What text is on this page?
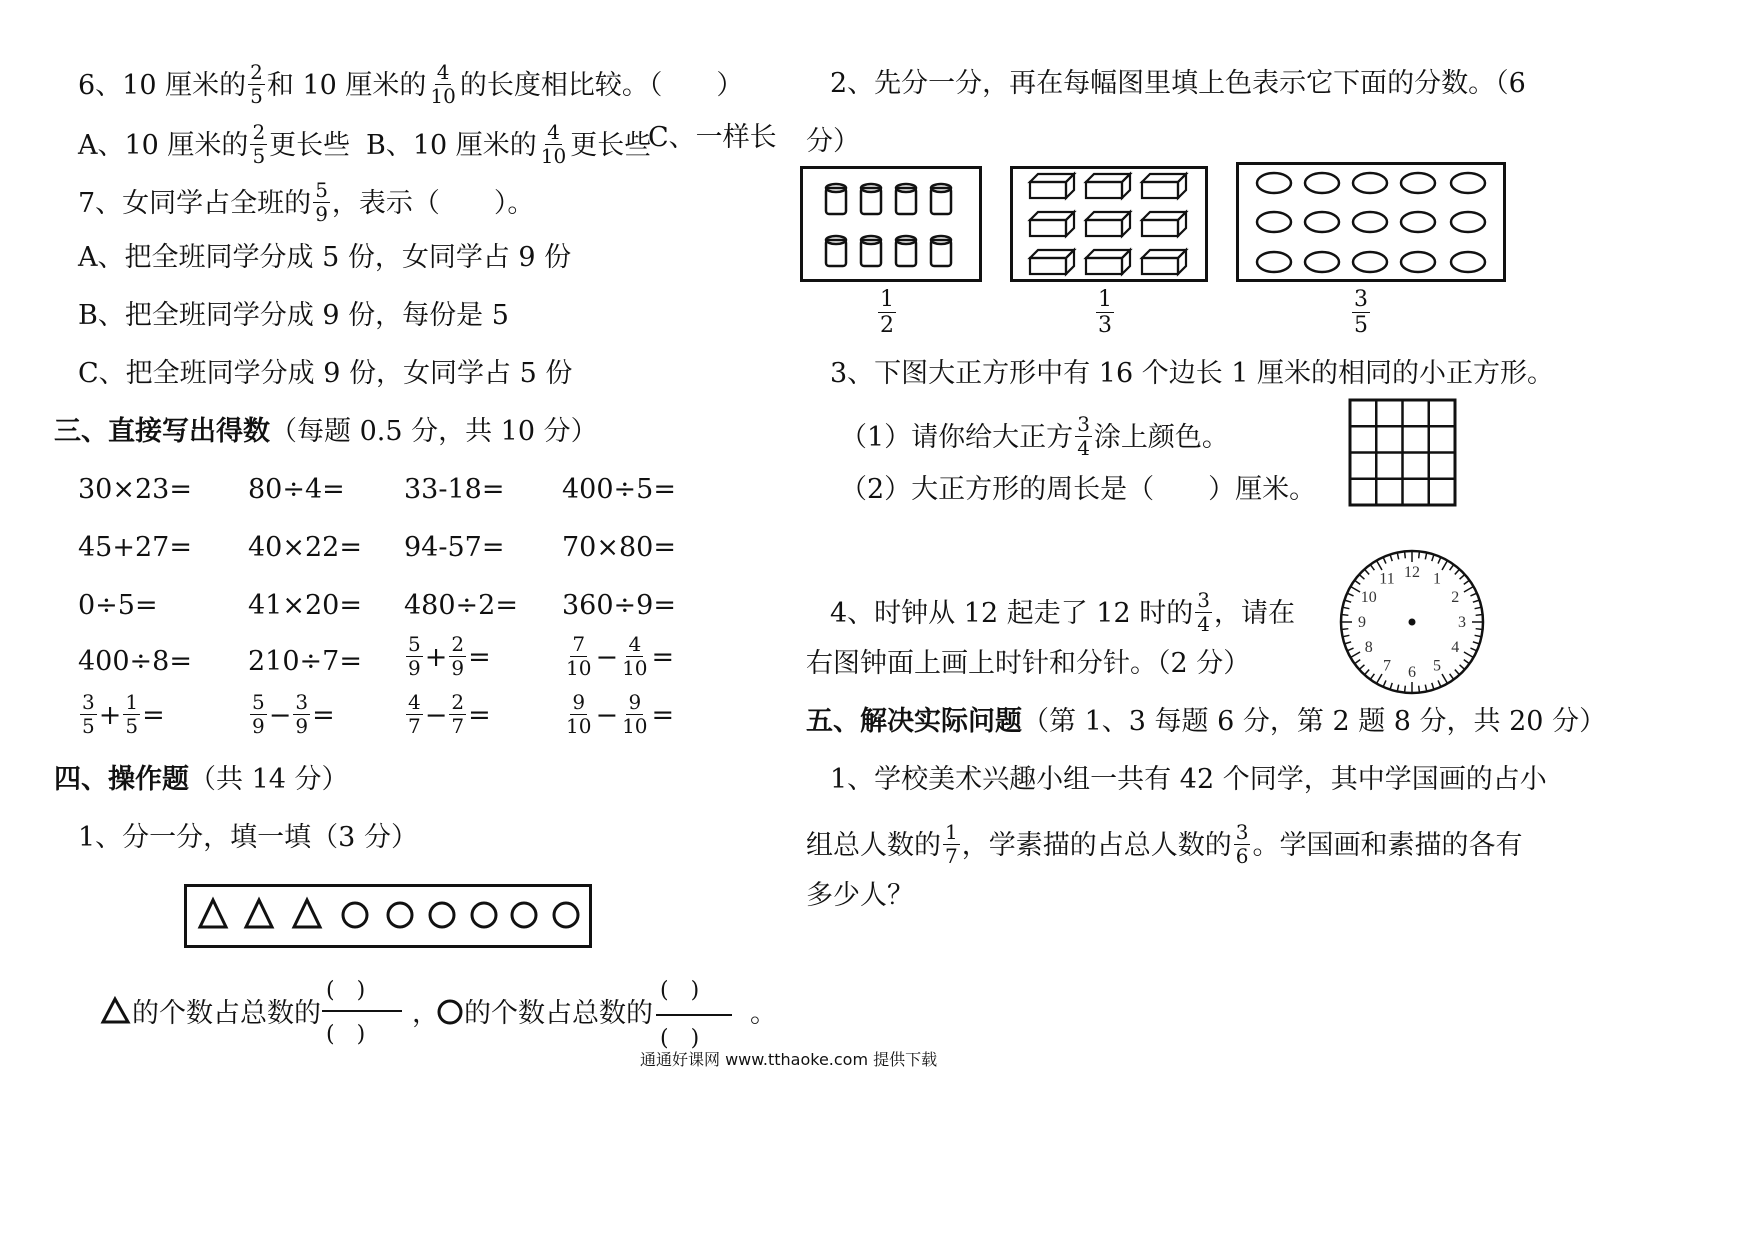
6、10 厘米的 $\frac{2}{5}$ 和 10 厘米的 $\frac{4}{10}$ 的长度相比较。（　　）
A、10 厘米的 $\frac{2}{5}$ 更长些 B、10 厘米的 $\frac{4}{10}$ 更长些
C、一样长
7、女同学占全班的 $\frac{5}{9}$ ，表示（　　）。
A、把全班同学分成 5 份，女同学占 9 份
B、把全班同学分成 9 份，每份是 5
C、把全班同学分成 9 份，女同学占 5 份
三、直接写出得数（每题 0.5 分，共 10 分）
30×23= 80÷4= 33-18= 400÷5=
45+27= 40×22= 94-57= 70×80=
0÷5=	41×20= 480÷2= 360÷9=
$400\div 8= 210\div 7= \frac{5}{9} + \frac{2}{9}$ =	$\frac{7}{10} - \frac{4}{10}$ =
$\frac{3}{5} + \frac{1}{5}$ =	$\frac{5}{9} - \frac{3}{9}$ =	$\frac{4}{7} - \frac{2}{7}$ =	$\frac{9}{10} - \frac{9}{10}$ =
四、操作题（共 14 分）
1、分一分，填一填（3 分）
的个数占总数的
(　)
(　)
， 的个数占总数的
(　)
(　)
。
2、先分一分，再在每幅图里填上色表示它下面的分数。（6
分）
$\frac{1}{2}$	$\frac{1}{3}$	$\frac{3}{5}$
3、下图大正方形中有 16 个边长 1 厘米的相同的小正方形。
（1）请你给大正方 $\frac{3}{4}$ 涂上颜色。
（2）大正方形的周长是（　　）厘米。
4、时钟从 12 起走了 12 时的 $\frac{3}{4}$ ，请在
右图钟面上画上时针和分针。（2 分）
12 1
2
3
4
5
6
7
8
9
10
11
五、解决实际问题（第 1、3 每题 6 分，第 2 题 8 分，共 20 分）
1、学校美术兴趣小组一共有 42 个同学，其中学国画的占小
组总人数的 $\frac{1}{7}$ ，学素描的占总人数的 $\frac{3}{6}$ 。学国画和素描的各有
多少人？
通通好课网 www.tthaoke.com 提供下载
